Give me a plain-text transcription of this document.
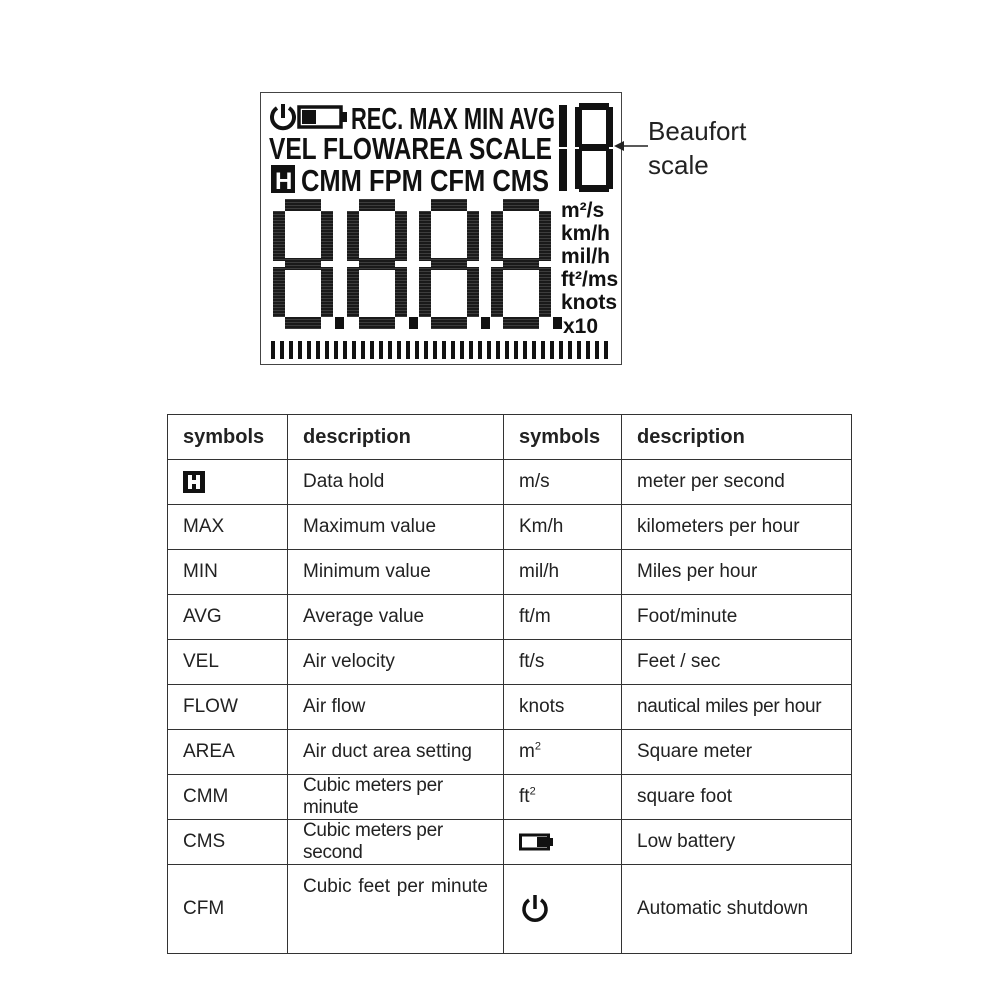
REC. MAX MIN AVG
VEL FLOWAREA SCALE
H CMM FPM CFM CMS
m²/s
km/h
mil/h
ft²/ms
knots
x10
Beaufort
scale
symbols	description	symbols	description
	Data hold	m/s	meter per second
MAX	Maximum value	Km/h	kilometers per hour
MIN	Minimum value	mil/h	Miles per hour
AVG	Average value	ft/m	Foot/minute
VEL	Air velocity	ft/s	Feet / sec
FLOW	Air flow	knots	nautical miles per hour
AREA	Air duct area setting	$m^2$	Square meter
CMM	Cubic meters per minute	$ft^2$	square foot
CMS	Cubic meters per second		Low battery
CFM	Cubic feet per minute		Automatic shutdown
